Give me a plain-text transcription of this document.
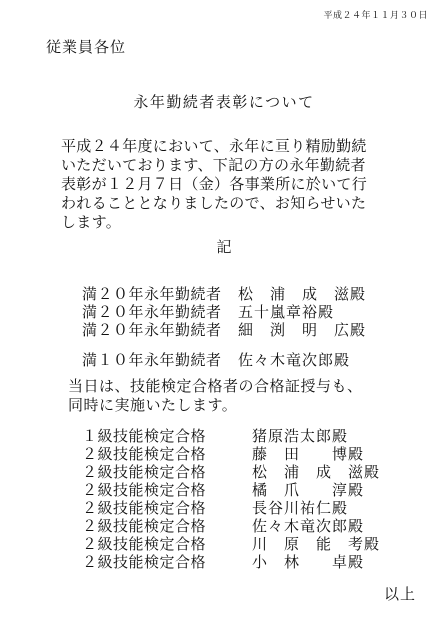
平成２４年１１月３０日
従業員各位
永年勤続者表彰について
平成２４年度において、永年に亘り精励勤続
いただいております、下記の方の永年勤続者
表彰が１２月７日（金）各事業所に於いて行
われることとなりましたので、お知らせいた
します。
記
満２０年永年勤続者 松　浦　成　滋殿
満２０年永年勤続者 五十嵐章裕殿
満２０年永年勤続者 細　渕　明　広殿
満１０年永年勤続者 佐々木竜次郎殿
当日は、技能検定合格者の合格証授与も、
同時に実施いたします。
１級技能検定合格	猪原浩太郎殿
２級技能検定合格	藤　田　　博殿
２級技能検定合格	松　浦　成　滋殿
２級技能検定合格	橘　爪　　淳殿
２級技能検定合格	長谷川祐仁殿
２級技能検定合格	佐々木竜次郎殿
２級技能検定合格	川　原　能　考殿
２級技能検定合格	小　林　　卓殿
以上
